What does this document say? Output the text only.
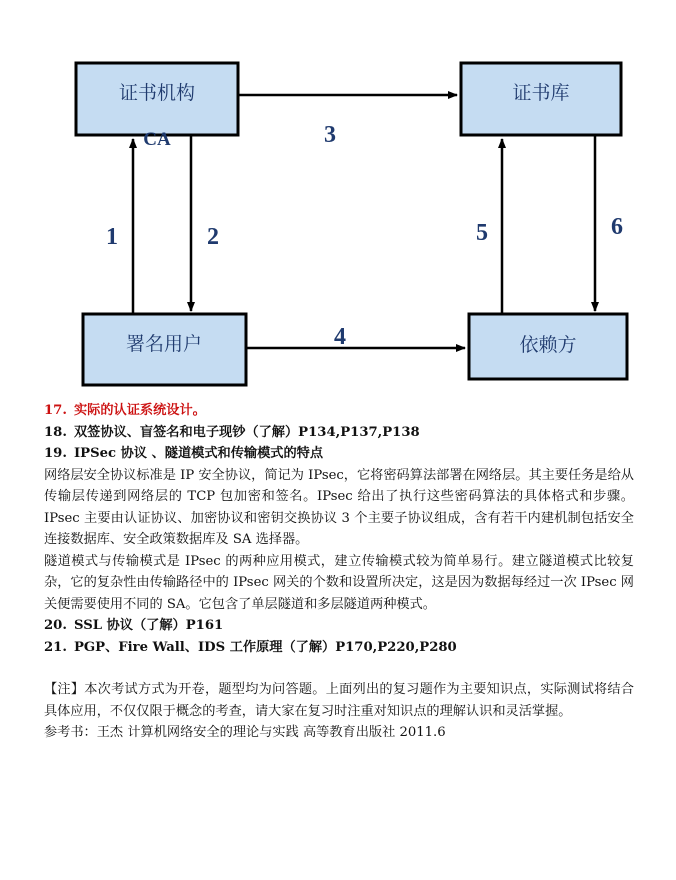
证书机构
CA
证书库
署名用户	依赖方
3
1	2	5	6
4
17. 实际的认证系统设计。
18. 双签协议、盲签名和电子现钞（了解）P134,P137,P138
19. IPSec 协议 、隧道模式和传输模式的特点

网络层安全协议标准是 IP 安全协议，简记为 IPsec，它将密码算法部署在网络层。其主要任务是给从传输层传递到网络层的 TCP 包加密和签名。IPsec 给出了执行这些密码算法的具体格式和步骤。IPsec 主要由认证协议、加密协议和密钥交换协议 3 个主要子协议组成，含有若干内建机制包括安全连接数据库、安全政策数据库及 SA 选择器。

隧道模式与传输模式是 IPsec 的两种应用模式，建立传输模式较为简单易行。建立隧道模式比较复杂，它的复杂性由传输路径中的 IPsec 网关的个数和设置所决定，这是因为数据每经过一次 IPsec 网关便需要使用不同的 SA。它包含了单层隧道和多层隧道两种模式。

20. SSL 协议（了解）P161
21. PGP、Fire Wall、IDS 工作原理（了解）P170,P220,P280

【注】本次考试方式为开卷，题型均为问答题。上面列出的复习题作为主要知识点，实际测试将结合具体应用，不仅仅限于概念的考查，请大家在复习时注重对知识点的理解认识和灵活掌握。

参考书：王杰 计算机网络安全的理论与实践 高等教育出版社 2011.6
